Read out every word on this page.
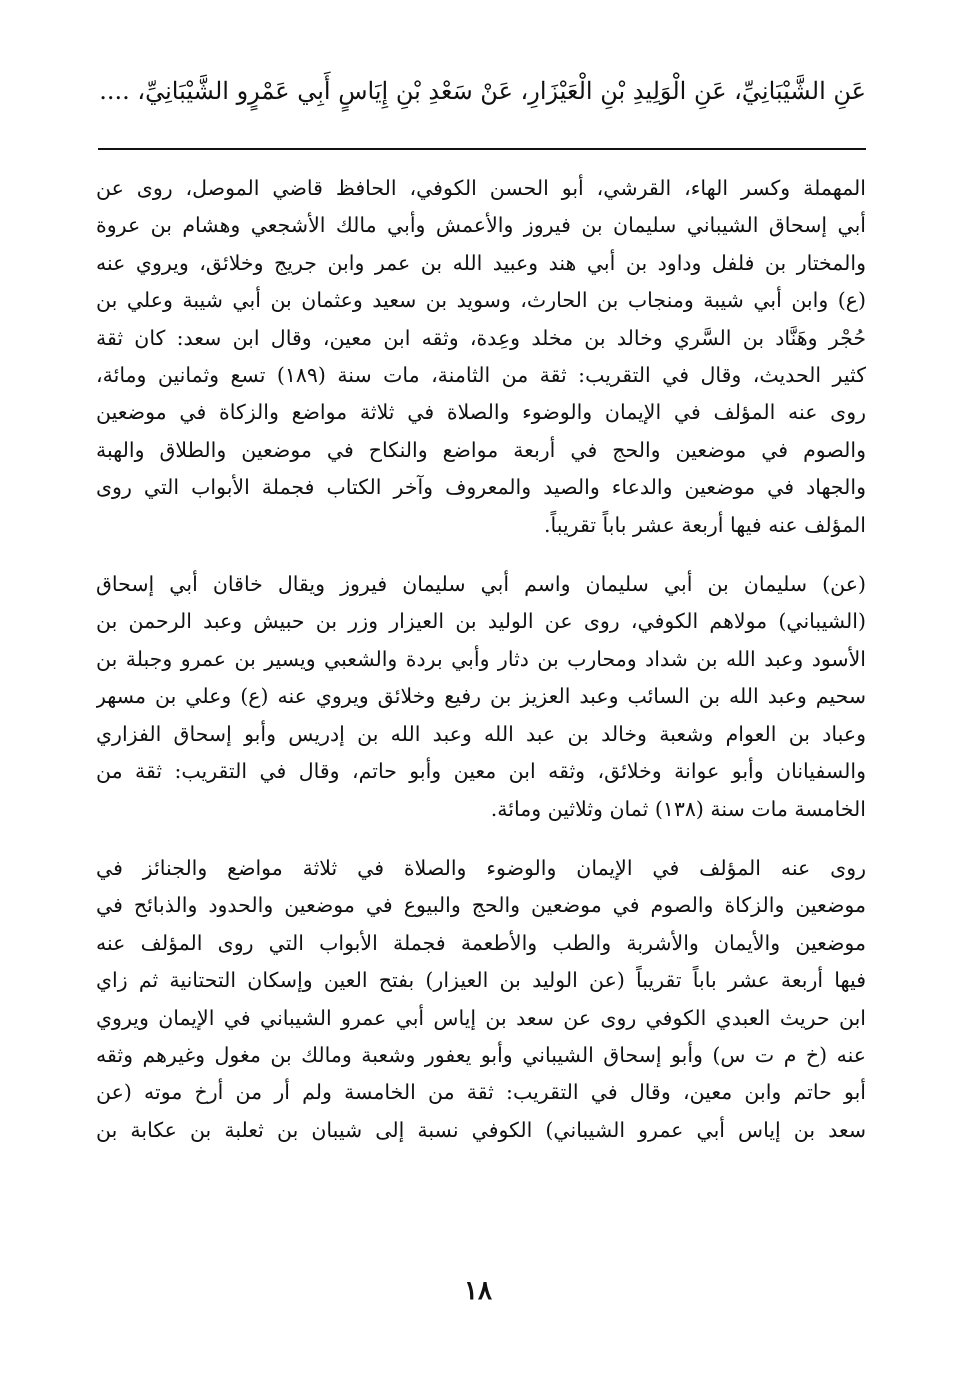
عَنِ الشَّيْبَانِيِّ، عَنِ الْوَلِيدِ بْنِ الْعَيْزَارِ، عَنْ سَعْدِ بْنِ إِيَاسٍ أَبِي عَمْرٍو الشَّيْبَانِيِّ، ....

المهملة وكسر الهاء، القرشي، أبو الحسن الكوفي، الحافظ قاضي الموصل، روى عن
أبي إسحاق الشيباني سليمان بن فيروز والأعمش وأبي مالك الأشجعي وهشام بن عروة
والمختار بن فلفل وداود بن أبي هند وعبيد الله بن عمر وابن جريج وخلائق، ويروي عنه
(ع) وابن أبي شيبة ومنجاب بن الحارث، وسويد بن سعيد وعثمان بن أبي شيبة وعلي بن
حُجْر وهَنَّاد بن السَّري وخالد بن مخلد وعِدة، وثقه ابن معين، وقال ابن سعد: كان ثقة
كثير الحديث، وقال في التقريب: ثقة من الثامنة، مات سنة (١٨٩) تسع وثمانين ومائة،
روى عنه المؤلف في الإيمان والوضوء والصلاة في ثلاثة مواضع والزكاة في موضعين
والصوم في موضعين والحج في أربعة مواضع والنكاح في موضعين والطلاق والهبة
والجهاد في موضعين والدعاء والصيد والمعروف وآخر الكتاب فجملة الأبواب التي روى
المؤلف عنه فيها أربعة عشر باباً تقريباً.

(عن) سليمان بن أبي سليمان واسم أبي سليمان فيروز ويقال خاقان أبي إسحاق
(الشيباني) مولاهم الكوفي، روى عن الوليد بن العيزار وزر بن حبيش وعبد الرحمن بن
الأسود وعبد الله بن شداد ومحارب بن دثار وأبي بردة والشعبي ويسير بن عمرو وجبلة بن
سحيم وعبد الله بن السائب وعبد العزيز بن رفيع وخلائق ويروي عنه (ع) وعلي بن مسهر
وعباد بن العوام وشعبة وخالد بن عبد الله وعبد الله بن إدريس وأبو إسحاق الفزاري
والسفيانان وأبو عوانة وخلائق، وثقه ابن معين وأبو حاتم، وقال في التقريب: ثقة من
الخامسة مات سنة (١٣٨) ثمان وثلاثين ومائة.

روى عنه المؤلف في الإيمان والوضوء والصلاة في ثلاثة مواضع والجنائز في
موضعين والزكاة والصوم في موضعين والحج والبيوع في موضعين والحدود والذبائح في
موضعين والأيمان والأشربة والطب والأطعمة فجملة الأبواب التي روى المؤلف عنه
فيها أربعة عشر باباً تقريباً (عن الوليد بن العيزار) بفتح العين وإسكان التحتانية ثم زاي
ابن حريث العبدي الكوفي روى عن سعد بن إياس أبي عمرو الشيباني في الإيمان ويروي
عنه (خ م ت س) وأبو إسحاق الشيباني وأبو يعفور وشعبة ومالك بن مغول وغيرهم وثقه
أبو حاتم وابن معين، وقال في التقريب: ثقة من الخامسة ولم أر من أرخ موته (عن
سعد بن إياس أبي عمرو الشيباني) الكوفي نسبة إلى شيبان بن ثعلبة بن عكابة بن

١٨
